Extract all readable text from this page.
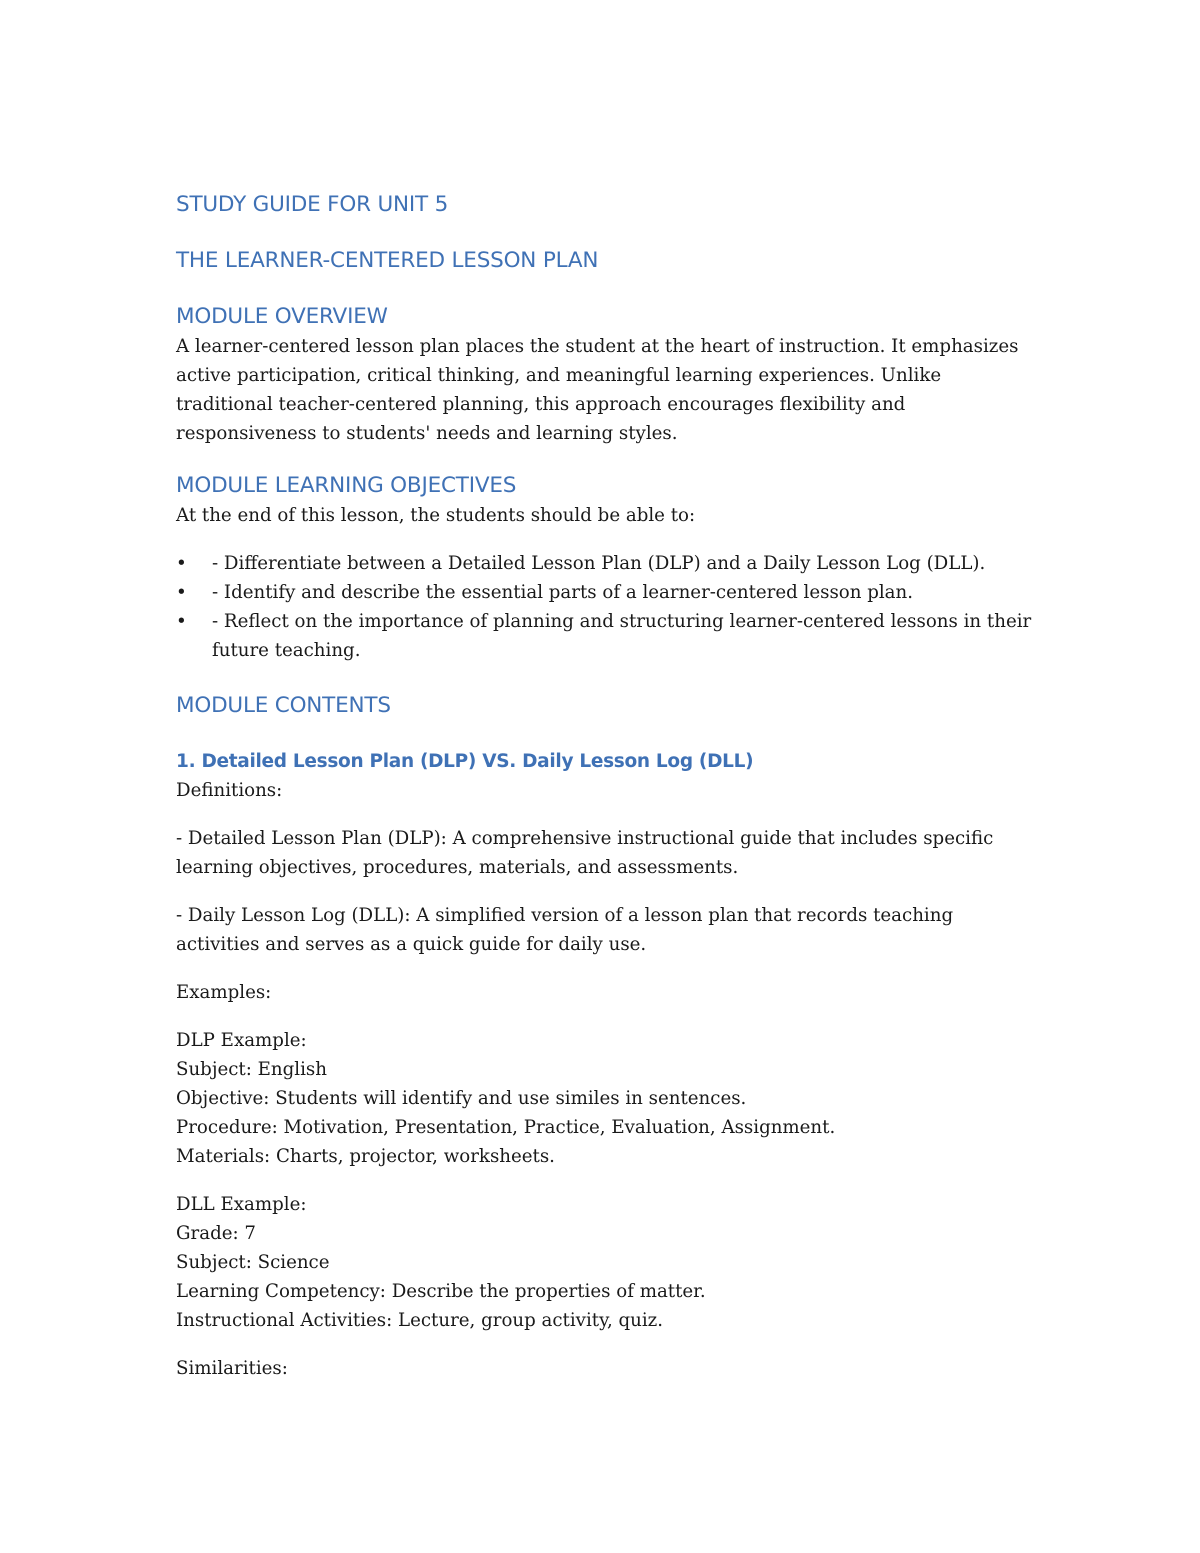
STUDY GUIDE FOR UNIT 5
THE LEARNER-CENTERED LESSON PLAN
MODULE OVERVIEW

A learner-centered lesson plan places the student at the heart of instruction. It emphasizes active participation, critical thinking, and meaningful learning experiences. Unlike traditional teacher-centered planning, this approach encourages flexibility and responsiveness to students' needs and learning styles.

MODULE LEARNING OBJECTIVES

At the end of this lesson, the students should be able to:

• - Differentiate between a Detailed Lesson Plan (DLP) and a Daily Lesson Log (DLL).
• - Identify and describe the essential parts of a learner-centered lesson plan.
• - Reflect on the importance of planning and structuring learner-centered lessons in their future teaching.
MODULE CONTENTS
1. Detailed Lesson Plan (DLP) VS. Daily Lesson Log (DLL)

Definitions:

- Detailed Lesson Plan (DLP): A comprehensive instructional guide that includes specific learning objectives, procedures, materials, and assessments.

- Daily Lesson Log (DLL): A simplified version of a lesson plan that records teaching activities and serves as a quick guide for daily use.

Examples:

DLP Example:
Subject: English
Objective: Students will identify and use similes in sentences.
Procedure: Motivation, Presentation, Practice, Evaluation, Assignment.
Materials: Charts, projector, worksheets.
DLL Example:
Grade: 7
Subject: Science
Learning Competency: Describe the properties of matter.
Instructional Activities: Lecture, group activity, quiz.

Similarities:
